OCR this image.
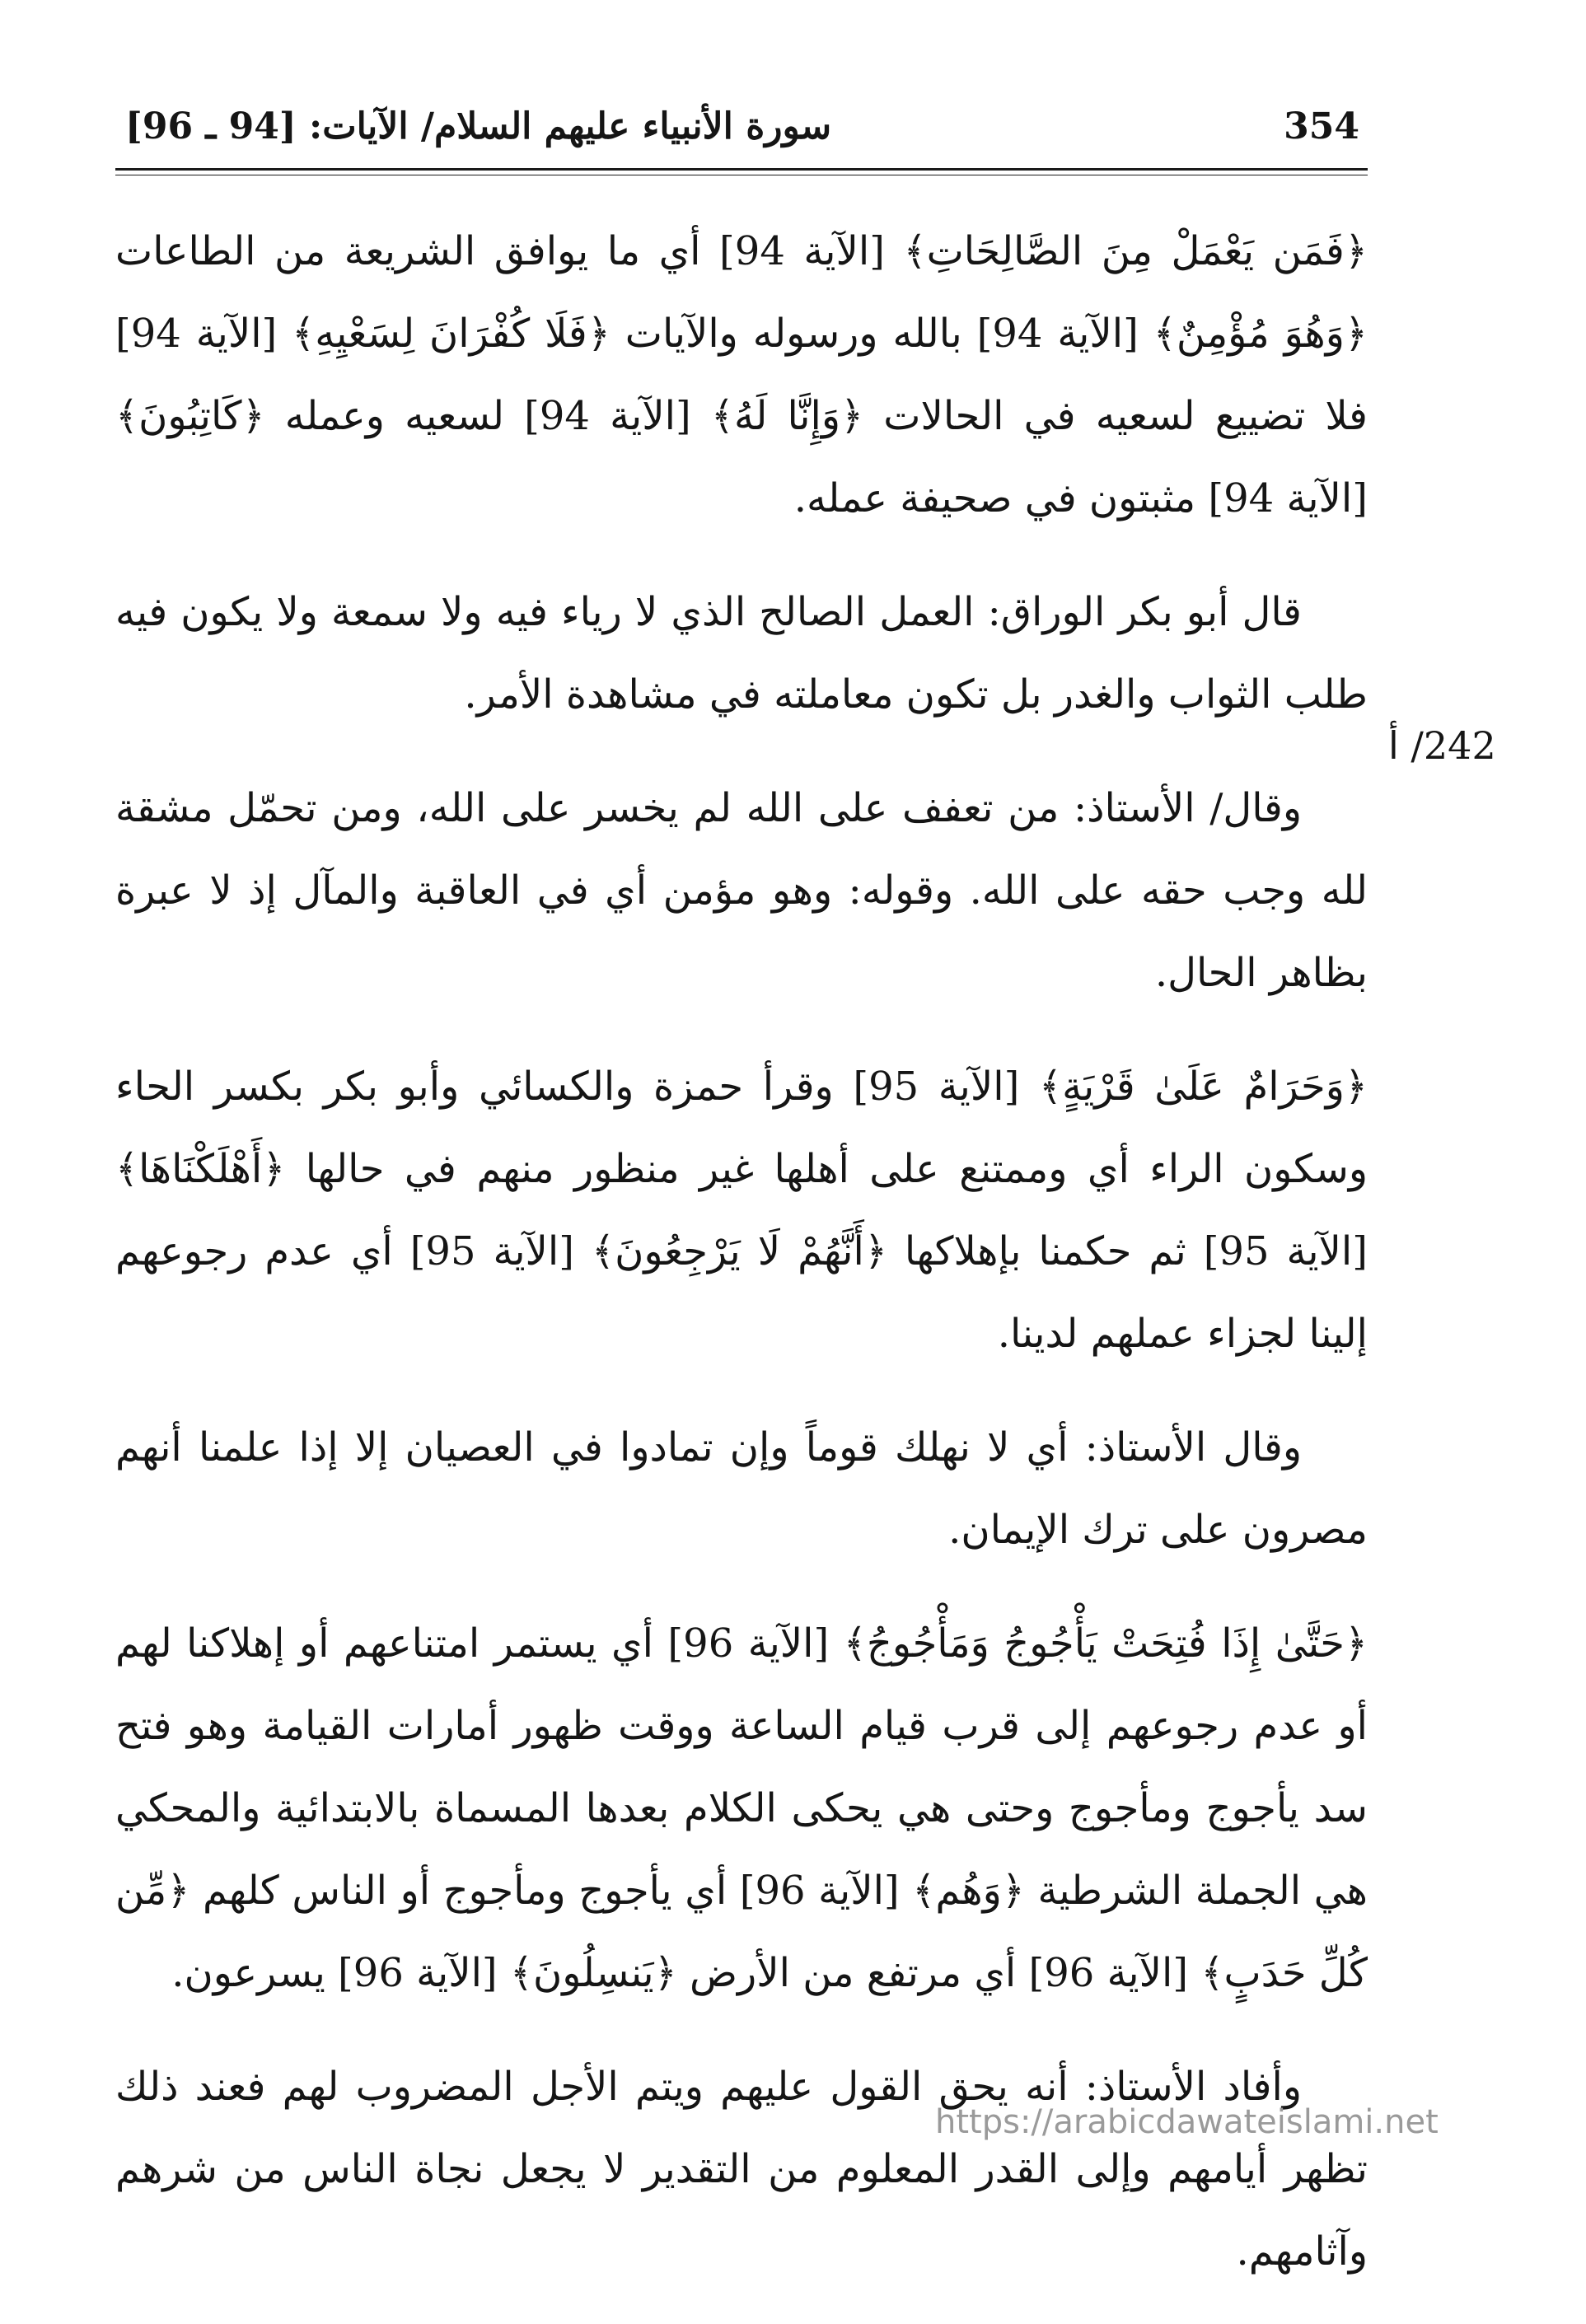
سورة الأنبياء عليهم السلام/ الآيات: [94 ـ 96]	354
242/ أ

﴿فَمَن يَعْمَلْ مِنَ الصَّالِحَاتِ﴾ [الآية 94] أي ما يوافق الشريعة من الطاعات ﴿وَهُوَ مُؤْمِنٌ﴾ [الآية 94] بالله ورسوله والآيات ﴿فَلَا كُفْرَانَ لِسَعْيِهِ﴾ [الآية 94] فلا تضييع لسعيه في الحالات ﴿وَإِنَّا لَهُ﴾ [الآية 94] لسعيه وعمله ﴿كَاتِبُونَ﴾ [الآية 94] مثبتون في صحيفة عمله.

قال أبو بكر الوراق: العمل الصالح الذي لا رياء فيه ولا سمعة ولا يكون فيه طلب الثواب والغدر بل تكون معاملته في مشاهدة الأمر.

وقال/ الأستاذ: من تعفف على الله لم يخسر على الله، ومن تحمّل مشقة لله وجب حقه على الله. وقوله: وهو مؤمن أي في العاقبة والمآل إذ لا عبرة بظاهر الحال.

﴿وَحَرَامٌ عَلَىٰ قَرْيَةٍ﴾ [الآية 95] وقرأ حمزة والكسائي وأبو بكر بكسر الحاء وسكون الراء أي وممتنع على أهلها غير منظور منهم في حالها ﴿أَهْلَكْنَاهَا﴾ [الآية 95] ثم حكمنا بإهلاكها ﴿أَنَّهُمْ لَا يَرْجِعُونَ﴾ [الآية 95] أي عدم رجوعهم إلينا لجزاء عملهم لدينا.

وقال الأستاذ: أي لا نهلك قوماً وإن تمادوا في العصيان إلا إذا علمنا أنهم مصرون على ترك الإيمان.

﴿حَتَّىٰ إِذَا فُتِحَتْ يَأْجُوجُ وَمَأْجُوجُ﴾ [الآية 96] أي يستمر امتناعهم أو إهلاكنا لهم أو عدم رجوعهم إلى قرب قيام الساعة ووقت ظهور أمارات القيامة وهو فتح سد يأجوج ومأجوج وحتى هي يحكى الكلام بعدها المسماة بالابتدائية والمحكي هي الجملة الشرطية ﴿وَهُم﴾ [الآية 96] أي يأجوج ومأجوج أو الناس كلهم ﴿مِّن كُلِّ حَدَبٍ﴾ [الآية 96] أي مرتفع من الأرض ﴿يَنسِلُونَ﴾ [الآية 96] يسرعون.

وأفاد الأستاذ: أنه يحق القول عليهم ويتم الأجل المضروب لهم فعند ذلك تظهر أيامهم وإلى القدر المعلوم من التقدير لا يجعل نجاة الناس من شرهم وآثامهم.

https://arabicdawateislami.net
